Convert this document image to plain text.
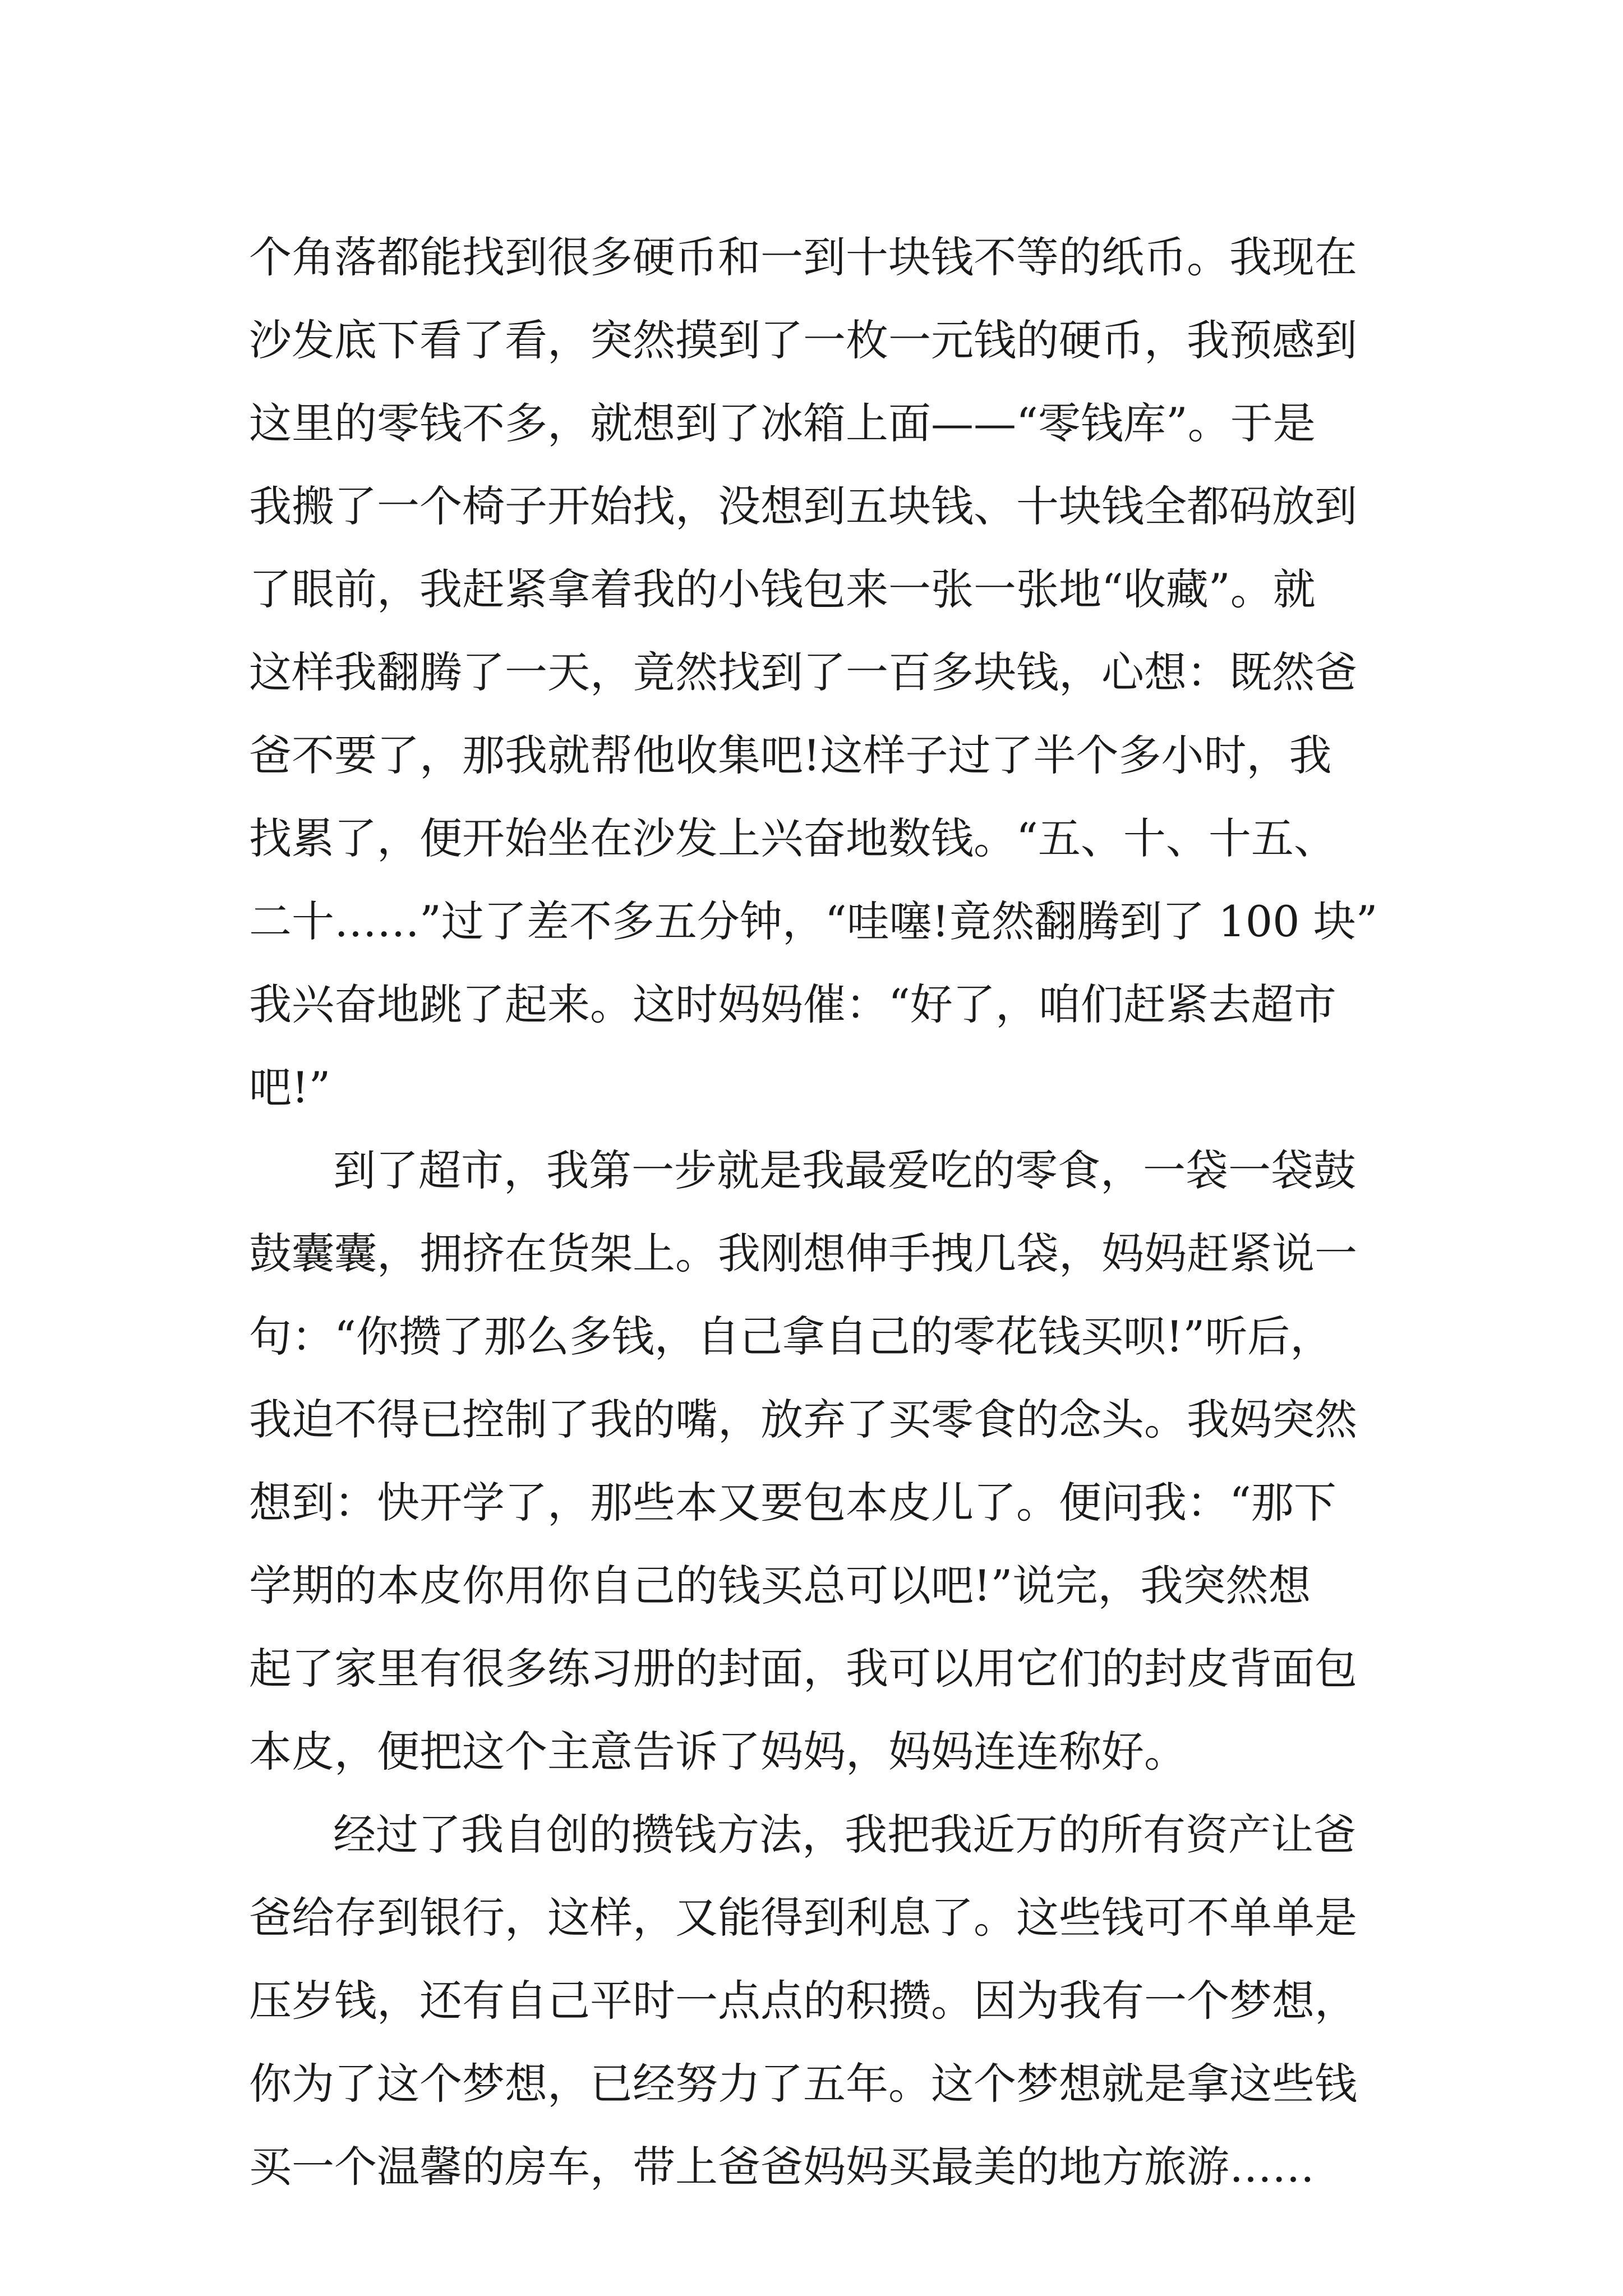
个角落都能找到很多硬币和一到十块钱不等的纸币。我现在
沙发底下看了看，突然摸到了一枚一元钱的硬币，我预感到
这里的零钱不多，就想到了冰箱上面——“零钱库”。于是
我搬了一个椅子开始找，没想到五块钱、十块钱全都码放到
了眼前，我赶紧拿着我的小钱包来一张一张地“收藏”。就
这样我翻腾了一天，竟然找到了一百多块钱，心想：既然爸
爸不要了，那我就帮他收集吧!这样子过了半个多小时，我
找累了，便开始坐在沙发上兴奋地数钱。“五、十、十五、
二十……”过了差不多五分钟，“哇噻!竟然翻腾到了 100 块”
我兴奋地跳了起来。这时妈妈催：“好了，咱们赶紧去超市
吧!”
到了超市，我第一步就是我最爱吃的零食，一袋一袋鼓
鼓囊囊，拥挤在货架上。我刚想伸手拽几袋，妈妈赶紧说一
句：“你攒了那么多钱，自己拿自己的零花钱买呗!”听后，
我迫不得已控制了我的嘴，放弃了买零食的念头。我妈突然
想到：快开学了，那些本又要包本皮儿了。便问我：“那下
学期的本皮你用你自己的钱买总可以吧!”说完，我突然想
起了家里有很多练习册的封面，我可以用它们的封皮背面包
本皮，便把这个主意告诉了妈妈，妈妈连连称好。
经过了我自创的攒钱方法，我把我近万的所有资产让爸
爸给存到银行，这样，又能得到利息了。这些钱可不单单是
压岁钱，还有自己平时一点点的积攒。因为我有一个梦想，
你为了这个梦想，已经努力了五年。这个梦想就是拿这些钱
买一个温馨的房车，带上爸爸妈妈买最美的地方旅游……
